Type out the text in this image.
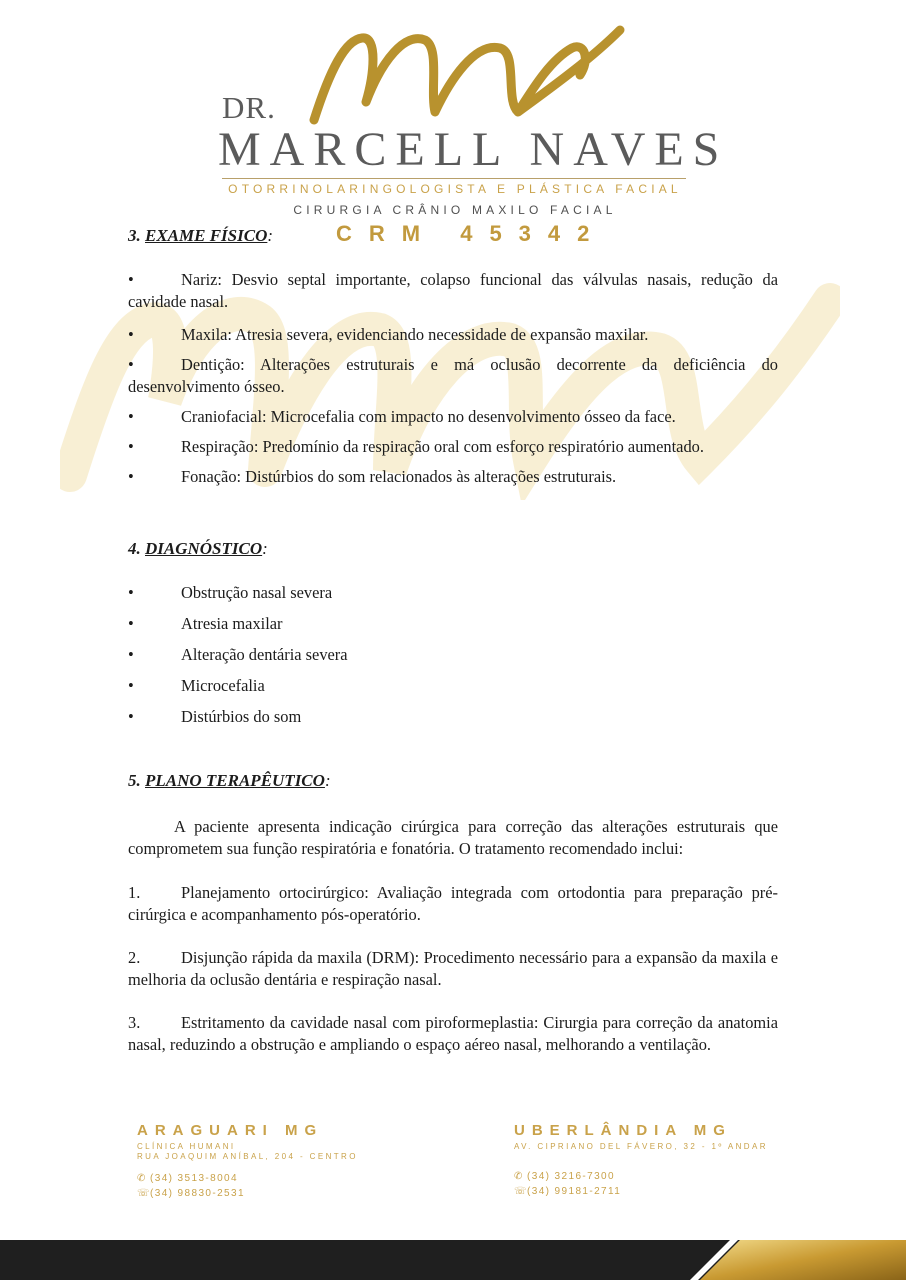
DR.
MARCELL NAVES
OTORRINOLARINGOLOGISTA E PLÁSTICA FACIAL
CIRURGIA CRÂNIO MAXILO FACIAL
3. EXAME FÍSICO:
•	Nariz: Desvio septal importante, colapso funcional das válvulas nasais, redução da cavidade nasal.
•	Maxila: Atresia severa, evidenciando necessidade de expansão maxilar.
•	Dentição: Alterações estruturais e má oclusão decorrente da deficiência do desenvolvimento ósseo.
•	Craniofacial: Microcefalia com impacto no desenvolvimento ósseo da face.
•	Respiração: Predomínio da respiração oral com esforço respiratório aumentado.
•	Fonação: Distúrbios do som relacionados às alterações estruturais.
4. DIAGNÓSTICO:
•	Obstrução nasal severa
•	Atresia maxilar
•	Alteração dentária severa
•	Microcefalia
•	Distúrbios do som
5. PLANO TERAPÊUTICO:

A paciente apresenta indicação cirúrgica para correção das alterações estruturais que comprometem sua função respiratória e fonatória. O tratamento recomendado inclui:

1. Planejamento ortocirúrgico: Avaliação integrada com ortodontia para preparação pré-cirúrgica e acompanhamento pós-operatório.
2. Disjunção rápida da maxila (DRM): Procedimento necessário para a expansão da maxila e melhoria da oclusão dentária e respiração nasal.
3. Estritamento da cavidade nasal com piroformeplastia: Cirurgia para correção da anatomia nasal, reduzindo a obstrução e ampliando o espaço aéreo nasal, melhorando a ventilação.
CRM 45342
ARAGUARI MG
CLÍNICA HUMANI
RUA JOAQUIM ANÍBAL, 204 - CENTRO
✆ (34) 3513-8004
☏(34) 98830-2531
UBERLÂNDIA MG
AV. CIPRIANO DEL FÁVERO, 32 - 1º ANDAR
✆ (34) 3216-7300
☏(34) 99181-2711
